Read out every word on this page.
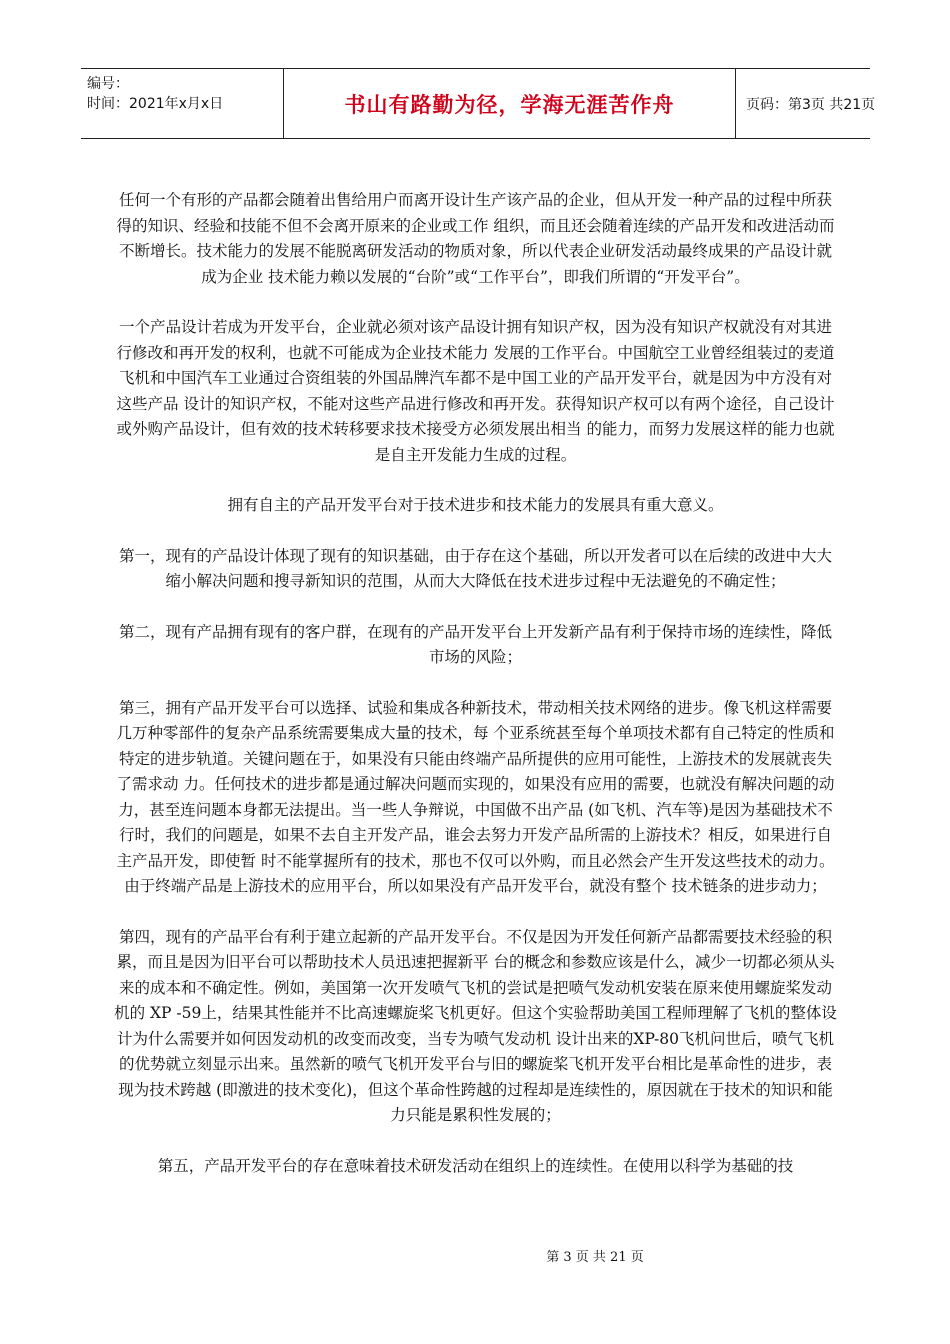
编号：
时间：2021年x月x日	书山有路勤为径，学海无涯苦作舟	页码：第3页 共21页

任何一个有形的产品都会随着出售给用户而离开设计生产该产品的企业，但从开发一种产品的过程中所获得的知识、经验和技能不但不会离开原来的企业或工作 组织，而且还会随着连续的产品开发和改进活动而不断增长。技术能力的发展不能脱离研发活动的物质对象，所以代表企业研发活动最终成果的产品设计就成为企业 技术能力赖以发展的“台阶”或“工作平台”，即我们所谓的“开发平台”。

一个产品设计若成为开发平台，企业就必须对该产品设计拥有知识产权，因为没有知识产权就没有对其进行修改和再开发的权利，也就不可能成为企业技术能力 发展的工作平台。中国航空工业曾经组装过的麦道飞机和中国汽车工业通过合资组装的外国品牌汽车都不是中国工业的产品开发平台，就是因为中方没有对这些产品 设计的知识产权，不能对这些产品进行修改和再开发。获得知识产权可以有两个途径，自己设计或外购产品设计，但有效的技术转移要求技术接受方必须发展出相当 的能力，而努力发展这样的能力也就是自主开发能力生成的过程。

拥有自主的产品开发平台对于技术进步和技术能力的发展具有重大意义。

第一，现有的产品设计体现了现有的知识基础，由于存在这个基础，所以开发者可以在后续的改进中大大缩小解决问题和搜寻新知识的范围，从而大大降低在技术进步过程中无法避免的不确定性；

第二，现有产品拥有现有的客户群，在现有的产品开发平台上开发新产品有利于保持市场的连续性，降低市场的风险；

第三，拥有产品开发平台可以选择、试验和集成各种新技术，带动相关技术网络的进步。像飞机这样需要几万种零部件的复杂产品系统需要集成大量的技术，每 个亚系统甚至每个单项技术都有自己特定的性质和特定的进步轨道。关键问题在于，如果没有只能由终端产品所提供的应用可能性，上游技术的发展就丧失了需求动 力。任何技术的进步都是通过解决问题而实现的，如果没有应用的需要，也就没有解决问题的动力，甚至连问题本身都无法提出。当一些人争辩说，中国做不出产品 (如飞机、汽车等)是因为基础技术不行时，我们的问题是，如果不去自主开发产品，谁会去努力开发产品所需的上游技术？相反，如果进行自主产品开发，即使暂 时不能掌握所有的技术，那也不仅可以外购，而且必然会产生开发这些技术的动力。由于终端产品是上游技术的应用平台，所以如果没有产品开发平台，就没有整个 技术链条的进步动力；

第四，现有的产品平台有利于建立起新的产品开发平台。不仅是因为开发任何新产品都需要技术经验的积累，而且是因为旧平台可以帮助技术人员迅速把握新平 台的概念和参数应该是什么，减少一切都必须从头来的成本和不确定性。例如，美国第一次开发喷气飞机的尝试是把喷气发动机安装在原来使用螺旋桨发动机的 XP -59上，结果其性能并不比高速螺旋桨飞机更好。但这个实验帮助美国工程师理解了飞机的整体设计为什么需要并如何因发动机的改变而改变，当专为喷气发动机 设计出来的XP-80飞机问世后，喷气飞机的优势就立刻显示出来。虽然新的喷气飞机开发平台与旧的螺旋桨飞机开发平台相比是革命性的进步，表现为技术跨越 (即激进的技术变化)，但这个革命性跨越的过程却是连续性的，原因就在于技术的知识和能力只能是累积性发展的；

第五，产品开发平台的存在意味着技术研发活动在组织上的连续性。在使用以科学为基础的技

第 3 页 共 21 页
